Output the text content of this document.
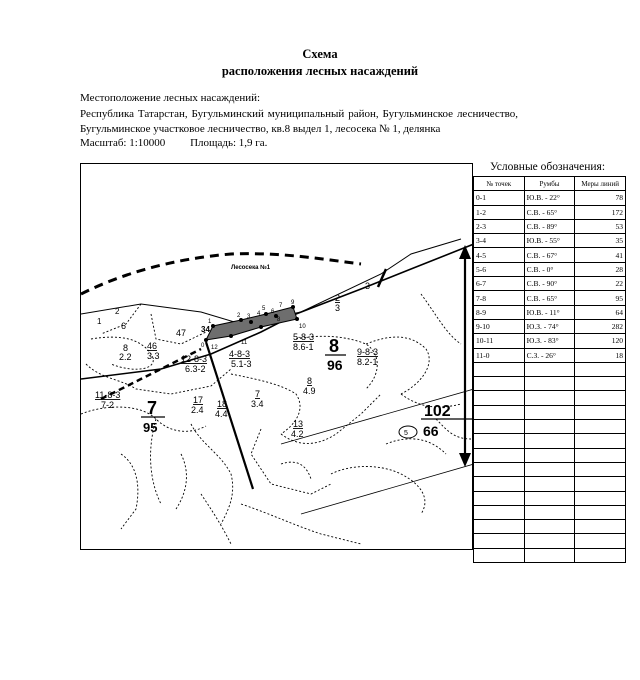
Схема
расположения лесных насаждений
Местоположение лесных насаждений:
Республика Татарстан, Бугульминский муниципальный район, Бугульминское лесничество, Бугульминское участковое лесничество, кв.8 выдел 1, лесосека № 1, делянка
Масштаб: 1:10000 Площадь: 1,9 га.
Лесосека №1
2
1 6
8
2.2
46
3.3
47
12-8-3
6.3-2
4-8-3
5.1-3
11-8-3
7-2	17
2.4
18
4.4
7
3.4
5-8-3
8.6-1 8
96
9-8-3
8.2-1
8
4.9
13
4.2
7
95
102
66
5
2
3
3
34
0
1
2 3 4
5 6
7
8
9
10
11
12
Условные обозначения:
№ точек	Румбы	Меры линий
0-1	Ю.В. - 22°	78
1-2	С.В. - 65°	172
2-3	С.В. - 89°	53
3-4	Ю.В. - 55°	35
4-5	С.В. - 67°	41
5-6	С.В. - 0°	28
6-7	С.В. - 90°	22
7-8	С.В. - 65°	95
8-9	Ю.В. - 11°	64
9-10	Ю.З. - 74°	282
10-11	Ю.З. - 83°	120
11-0	С.З. - 26°	18
